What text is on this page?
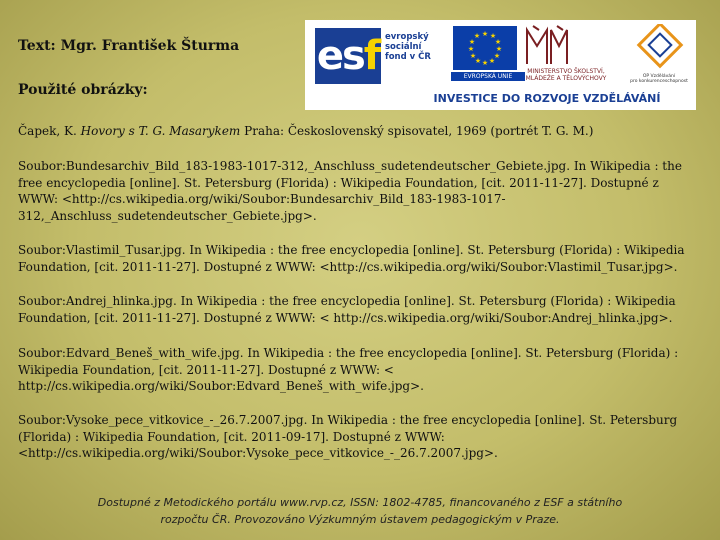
Text: Mgr. František Šturma
Použité obrázky:
esf evropský
sociální
fond v ČR
★ ★
★
★
★
★
★
★
★
★
★
★
EVROPSKÁ UNIE
MINISTERSTVO ŠKOLSTVÍ,
MLÁDEŽE A TĚLOVÝCHOVY	OP Vzdělávání
pro konkurenceschopnost
INVESTICE DO ROZVOJE VZDĚLÁVÁNÍ
Čapek, K. Hovory s T. G. Masarykem Praha: Československý spisovatel, 1969 (portrét T. G. M.)
Soubor:Bundesarchiv_Bild_183-1983-1017-312,_Anschluss_sudetendeutscher_Gebiete.jpg. In Wikipedia : the free encyclopedia [online]. St. Petersburg (Florida) : Wikipedia Foundation, [cit. 2011-11-27]. Dostupné z WWW: <http://cs.wikipedia.org/wiki/Soubor:Bundesarchiv_Bild_183-1983-1017-312,_Anschluss_sudetendeutscher_Gebiete.jpg>.
Soubor:Vlastimil_Tusar.jpg. In Wikipedia : the free encyclopedia [online]. St. Petersburg (Florida) : Wikipedia Foundation, [cit. 2011-11-27]. Dostupné z WWW: <http://cs.wikipedia.org/wiki/Soubor:Vlastimil_Tusar.jpg>.
Soubor:Andrej_hlinka.jpg. In Wikipedia : the free encyclopedia [online]. St. Petersburg (Florida) : Wikipedia Foundation, [cit. 2011-11-27]. Dostupné z WWW: < http://cs.wikipedia.org/wiki/Soubor:Andrej_hlinka.jpg>.
Soubor:Edvard_Beneš_with_wife.jpg. In Wikipedia : the free encyclopedia [online]. St. Petersburg (Florida) : Wikipedia Foundation, [cit. 2011-11-27]. Dostupné z WWW: < http://cs.wikipedia.org/wiki/Soubor:Edvard_Beneš_with_wife.jpg>.
Soubor:Vysoke_pece_vitkovice_-_26.7.2007.jpg. In Wikipedia : the free encyclopedia [online]. St. Petersburg (Florida) : Wikipedia Foundation, [cit. 2011-09-17]. Dostupné z WWW: <http://cs.wikipedia.org/wiki/Soubor:Vysoke_pece_vitkovice_-_26.7.2007.jpg>.
Dostupné z Metodického portálu www.rvp.cz, ISSN: 1802-4785, financovaného z ESF a státního
rozpočtu ČR. Provozováno Výzkumným ústavem pedagogickým v Praze.
